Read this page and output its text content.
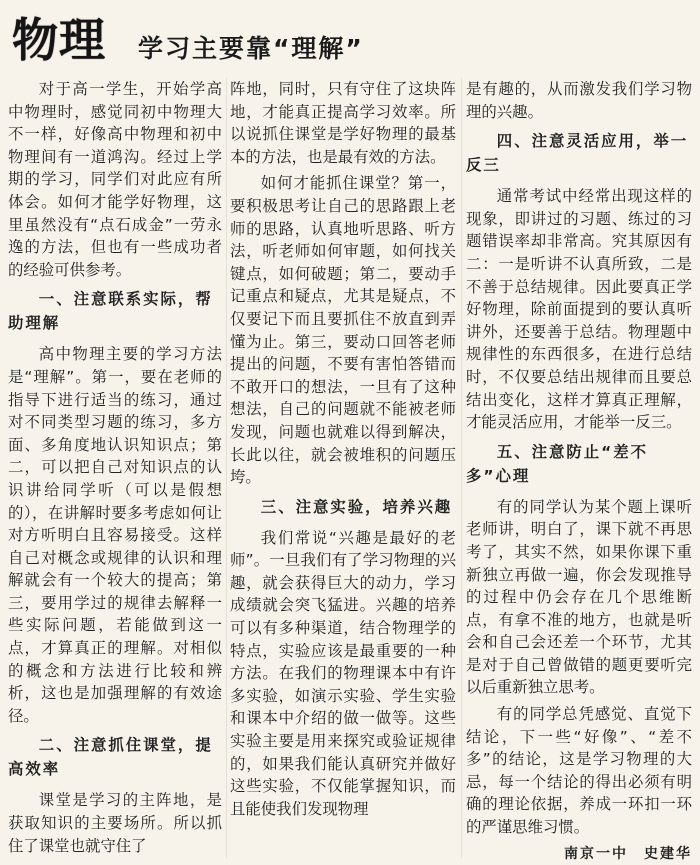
物理 学习主要靠“理解”

对于高一学生，开始学高中物理时，感觉同初中物理大不一样，好像高中物理和初中物理间有一道鸿沟。经过上学期的学习，同学们对此应有所体会。如何才能学好物理，这里虽然没有“点石成金”一劳永逸的方法，但也有一些成功者的经验可供参考。

一、注意联系实际，帮助理解

高中物理主要的学习方法是“理解”。第一，要在老师的指导下进行适当的练习，通过对不同类型习题的练习，多方面、多角度地认识知识点；第二，可以把自己对知识点的认识讲给同学听（可以是假想的），在讲解时要多考虑如何让对方听明白且容易接受。这样自己对概念或规律的认识和理解就会有一个较大的提高；第三，要用学过的规律去解释一些实际问题，若能做到这一点，才算真正的理解。对相似的概念和方法进行比较和辨析，这也是加强理解的有效途径。

二、注意抓住课堂，提高效率

课堂是学习的主阵地，是获取知识的主要场所。所以抓住了课堂也就守住了

阵地，同时，只有守住了这块阵地，才能真正提高学习效率。所以说抓住课堂是学好物理的最基本的方法，也是最有效的方法。

如何才能抓住课堂？第一，要积极思考让自己的思路跟上老师的思路，认真地听思路、听方法，听老师如何审题，如何找关键点，如何破题；第二，要动手记重点和疑点，尤其是疑点，不仅要记下而且要抓住不放直到弄懂为止。第三，要动口回答老师提出的问题，不要有害怕答错而不敢开口的想法，一旦有了这种想法，自己的问题就不能被老师发现，问题也就难以得到解决，长此以往，就会被堆积的问题压垮。

三、注意实验，培养兴趣

我们常说“兴趣是最好的老师”。一旦我们有了学习物理的兴趣，就会获得巨大的动力，学习成绩就会突飞猛进。兴趣的培养可以有多种渠道，结合物理学的特点，实验应该是最重要的一种方法。在我们的物理课本中有许多实验，如演示实验、学生实验和课本中介绍的做一做等。这些实验主要是用来探究或验证规律的，如果我们能认真研究并做好这些实验，不仅能掌握知识，而且能使我们发现物理

是有趣的，从而激发我们学习物理的兴趣。

四、注意灵活应用，举一反三

通常考试中经常出现这样的现象，即讲过的习题、练过的习题错误率却非常高。究其原因有二：一是听讲不认真所致，二是不善于总结规律。因此要真正学好物理，除前面提到的要认真听讲外，还要善于总结。物理题中规律性的东西很多，在进行总结时，不仅要总结出规律而且要总结出变化，这样才算真正理解，才能灵活应用，才能举一反三。

五、注意防止“差不多”心理

有的同学认为某个题上课听老师讲，明白了，课下就不再思考了，其实不然，如果你课下重新独立再做一遍，你会发现推导的过程中仍会存在几个思维断点，有拿不准的地方，也就是听会和自己会还差一个环节，尤其是对于自己曾做错的题更要听完以后重新独立思考。

有的同学总凭感觉、直觉下结论，下一些“好像”、“差不多”的结论，这是学习物理的大忌，每一个结论的得出必须有明确的理论依据，养成一环扣一环的严谨思维习惯。

南京一中　史建华
